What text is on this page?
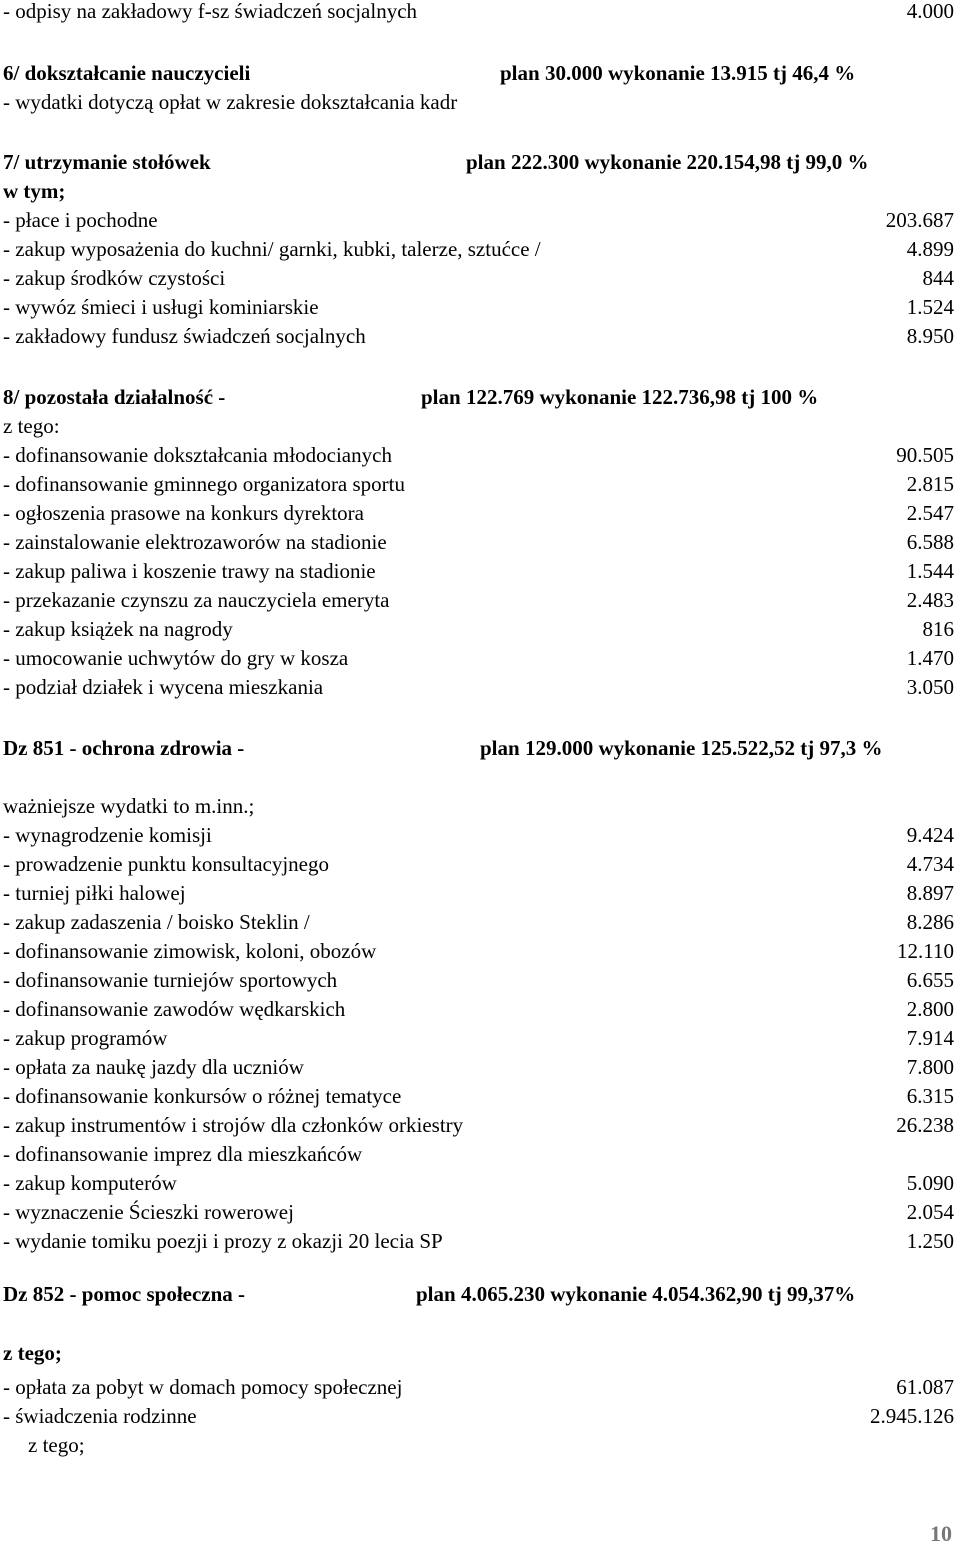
- odpisy na zakładowy f-sz świadczeń socjalnych	4.000
6/ dokształcanie nauczycieli	plan 30.000 wykonanie 13.915 tj 46,4 %
- wydatki dotyczą opłat w zakresie dokształcania kadr
7/ utrzymanie stołówek	plan 222.300 wykonanie 220.154,98 tj 99,0 %
w tym;
- płace i pochodne	203.687
- zakup wyposażenia do kuchni/ garnki, kubki, talerze, sztućce /	4.899
- zakup środków czystości	844
- wywóz śmieci i usługi kominiarskie	1.524
- zakładowy fundusz świadczeń socjalnych	8.950
8/ pozostała działalność -	plan 122.769 wykonanie 122.736,98 tj 100 %
z tego:
- dofinansowanie dokształcania młodocianych	90.505
- dofinansowanie gminnego organizatora sportu	2.815
- ogłoszenia prasowe na konkurs dyrektora	2.547
- zainstalowanie elektrozaworów na stadionie	6.588
- zakup paliwa i koszenie trawy na stadionie	1.544
- przekazanie czynszu za nauczyciela emeryta	2.483
- zakup książek na nagrody	816
- umocowanie uchwytów do gry w kosza	1.470
- podział działek i wycena mieszkania	3.050
Dz 851 - ochrona zdrowia -	plan 129.000 wykonanie 125.522,52 tj 97,3 %
ważniejsze wydatki to m.inn.;
- wynagrodzenie komisji	9.424
- prowadzenie punktu konsultacyjnego	4.734
- turniej piłki halowej	8.897
- zakup zadaszenia / boisko Steklin /	8.286
- dofinansowanie zimowisk, koloni, obozów	12.110
- dofinansowanie turniejów sportowych	6.655
- dofinansowanie zawodów wędkarskich	2.800
- zakup programów	7.914
- opłata za naukę jazdy dla uczniów	7.800
- dofinansowanie konkursów o różnej tematyce	6.315
- zakup instrumentów i strojów dla członków orkiestry	26.238
- dofinansowanie imprez dla mieszkańców
- zakup komputerów	5.090
- wyznaczenie Ścieszki rowerowej	2.054
- wydanie tomiku poezji i prozy z okazji 20 lecia SP	1.250
Dz 852 - pomoc społeczna -	plan 4.065.230 wykonanie 4.054.362,90 tj 99,37%
z tego;
- opłata za pobyt w domach pomocy społecznej	61.087
- świadczenia rodzinne	2.945.126
z tego;
10
